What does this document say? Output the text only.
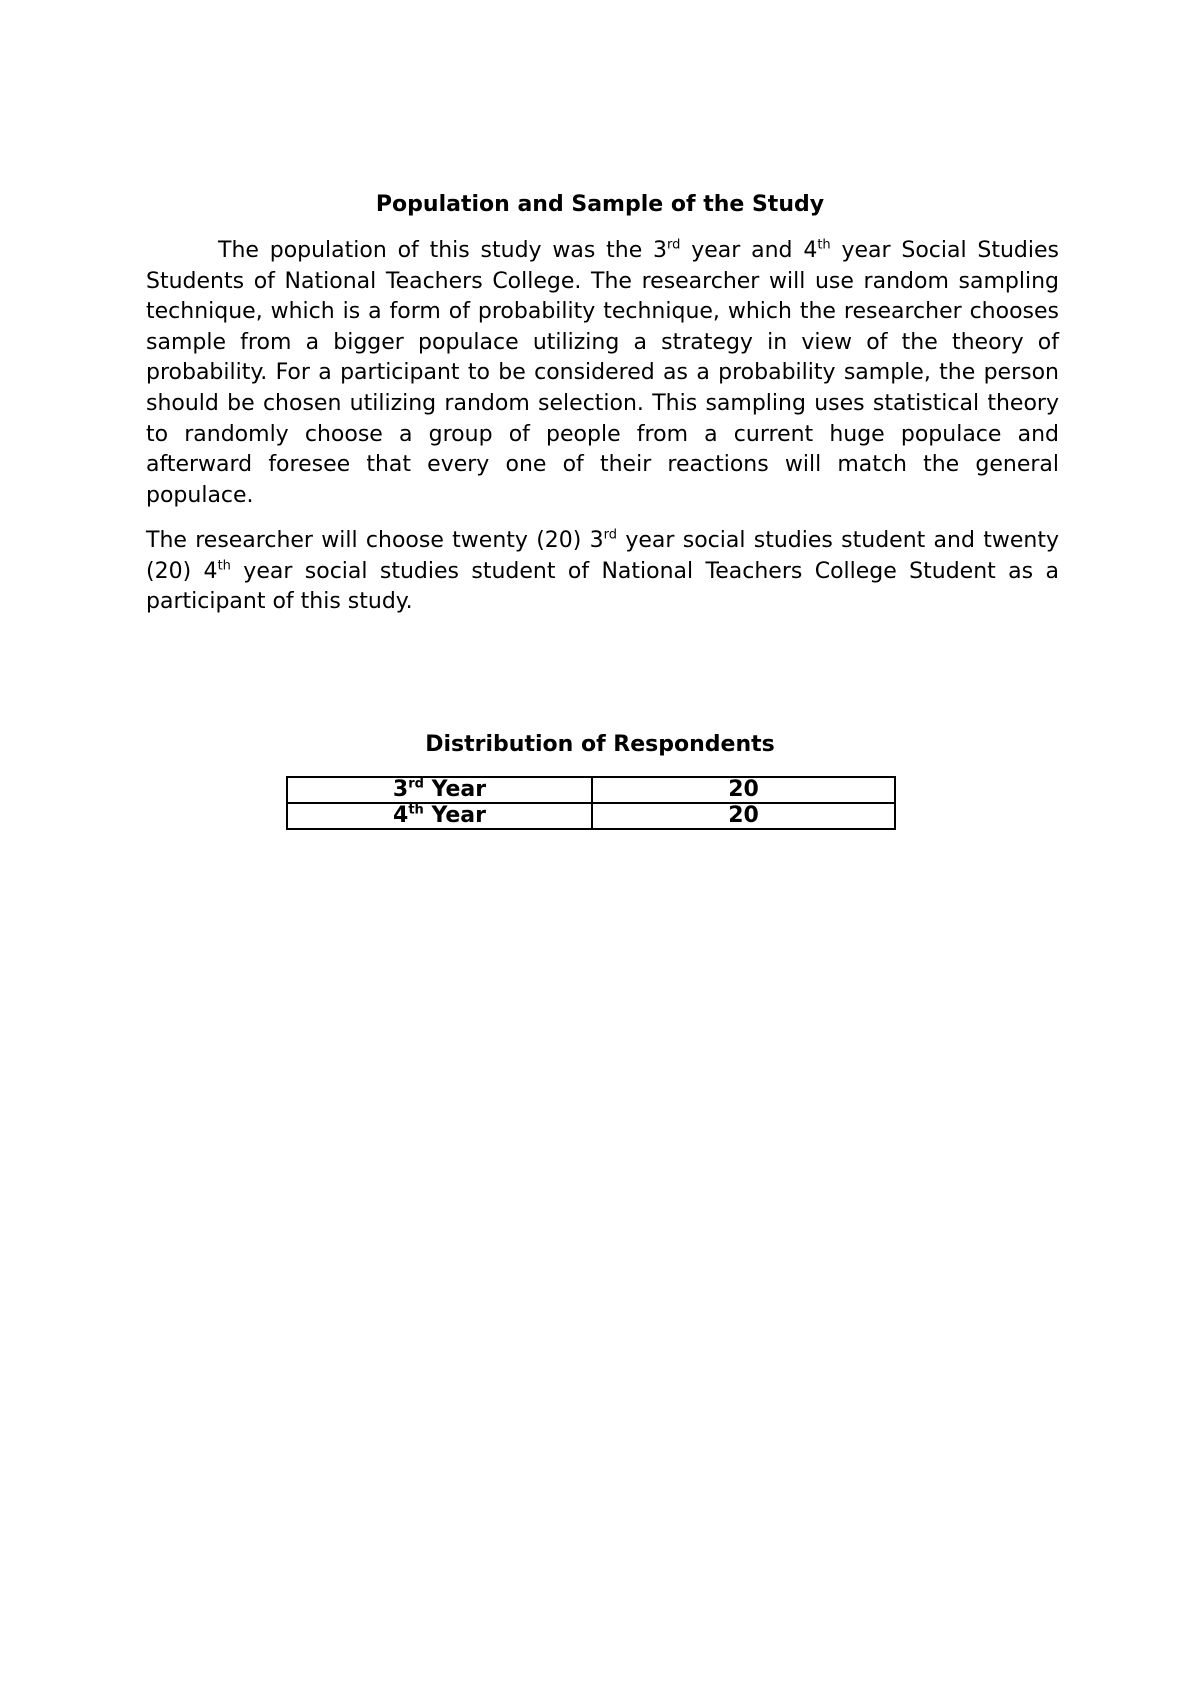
Population and Sample of the Study

The population of this study was the 3rd year and 4th year Social Studies Students of National Teachers College. The researcher will use random sampling technique, which is a form of probability technique, which the researcher chooses sample from a bigger populace utilizing a strategy in view of the theory of probability. For a participant to be considered as a probability sample, the person should be chosen utilizing random selection. This sampling uses statistical theory to randomly choose a group of people from a current huge populace and afterward foresee that every one of their reactions will match the general populace.

The researcher will choose twenty (20) 3rd year social studies student and twenty (20) 4th year social studies student of National Teachers College Student as a participant of this study.

Distribution of Respondents
3rd Year	20
4th Year	20
